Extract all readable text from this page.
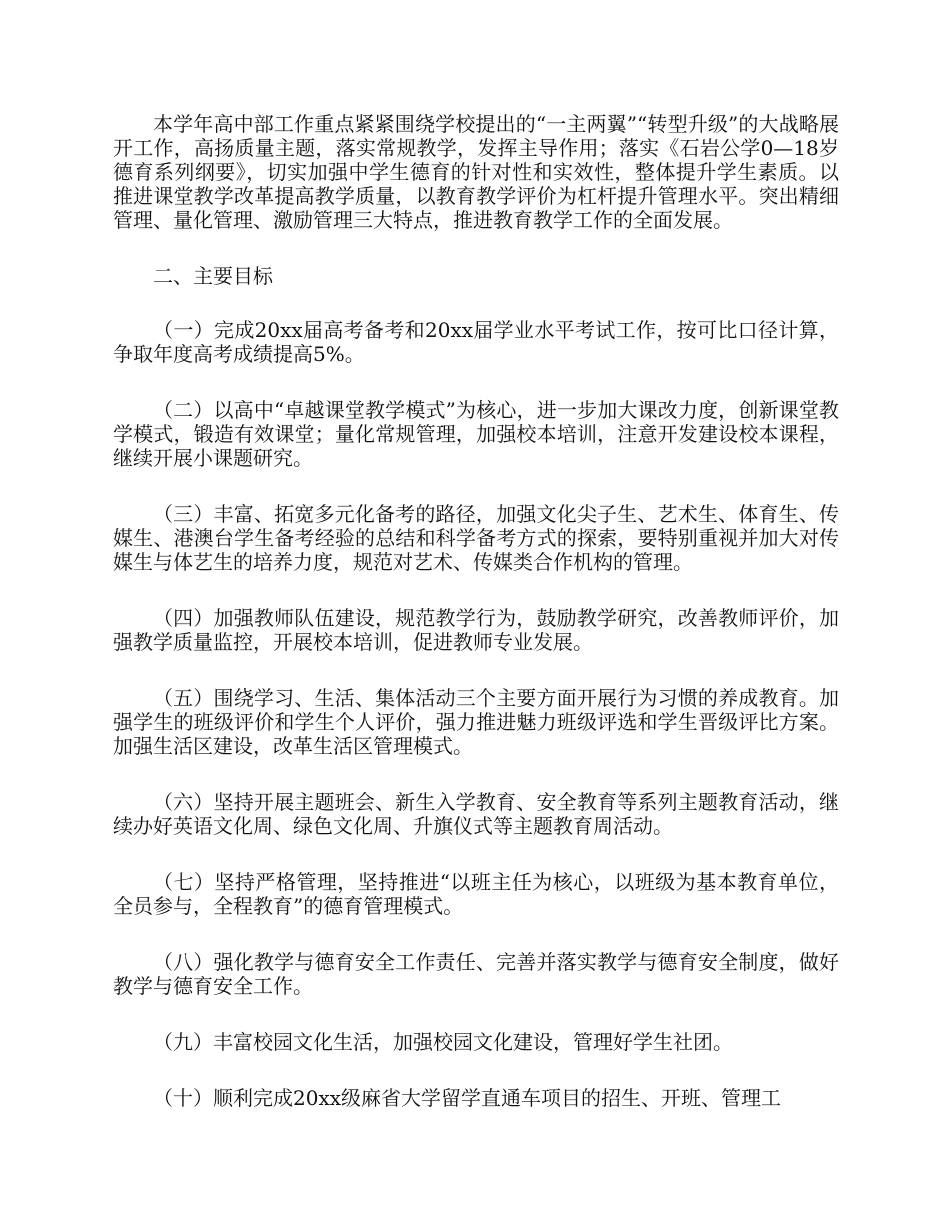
本学年高中部工作重点紧紧围绕学校提出的“一主两翼”“转型升级”的大战略展开工作，高扬质量主题，落实常规教学，发挥主导作用；落实《石岩公学0—18岁德育系列纲要》，切实加强中学生德育的针对性和实效性，整体提升学生素质。以推进课堂教学改革提高教学质量，以教育教学评价为杠杆提升管理水平。突出精细管理、量化管理、激励管理三大特点，推进教育教学工作的全面发展。

二、主要目标

（一）完成20xx届高考备考和20xx届学业水平考试工作，按可比口径计算，争取年度高考成绩提高5%。

（二）以高中“卓越课堂教学模式”为核心，进一步加大课改力度，创新课堂教学模式，锻造有效课堂；量化常规管理，加强校本培训，注意开发建设校本课程，继续开展小课题研究。

（三）丰富、拓宽多元化备考的路径，加强文化尖子生、艺术生、体育生、传媒生、港澳台学生备考经验的总结和科学备考方式的探索，要特别重视并加大对传媒生与体艺生的培养力度，规范对艺术、传媒类合作机构的管理。

（四）加强教师队伍建设，规范教学行为，鼓励教学研究，改善教师评价，加强教学质量监控，开展校本培训，促进教师专业发展。

（五）围绕学习、生活、集体活动三个主要方面开展行为习惯的养成教育。加强学生的班级评价和学生个人评价，强力推进魅力班级评选和学生晋级评比方案。加强生活区建设，改革生活区管理模式。

（六）坚持开展主题班会、新生入学教育、安全教育等系列主题教育活动，继续办好英语文化周、绿色文化周、升旗仪式等主题教育周活动。

（七）坚持严格管理，坚持推进“以班主任为核心，以班级为基本教育单位，全员参与，全程教育”的德育管理模式。

（八）强化教学与德育安全工作责任、完善并落实教学与德育安全制度，做好教学与德育安全工作。

（九）丰富校园文化生活，加强校园文化建设，管理好学生社团。

（十）顺利完成20xx级麻省大学留学直通车项目的招生、开班、管理工
